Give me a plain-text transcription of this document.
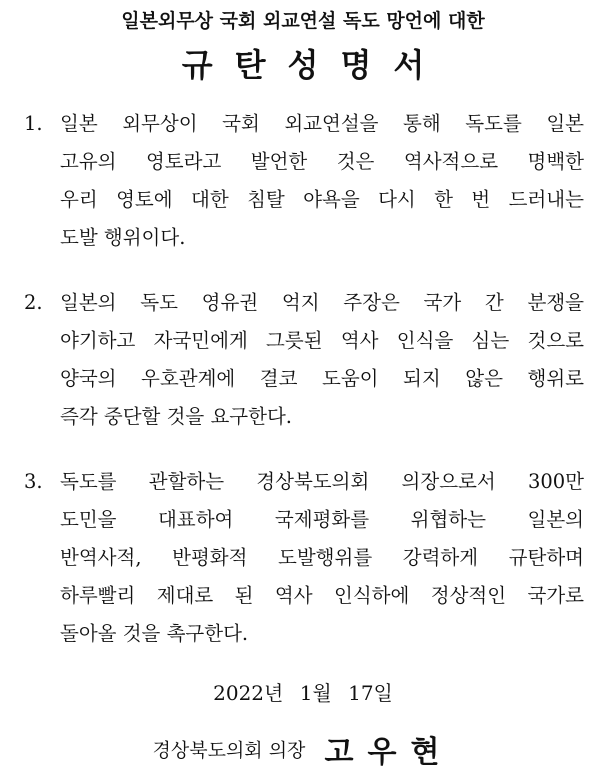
일본외무상 국회 외교연설 독도 망언에 대한
규탄성명서
1. 일본 외무상이 국회 외교연설을 통해 독도를 일본
고유의 영토라고 발언한 것은 역사적으로 명백한
우리 영토에 대한 침탈 야욕을 다시 한 번 드러내는
도발 행위이다.
2. 일본의 독도 영유권 억지 주장은 국가 간 분쟁을
야기하고 자국민에게 그릇된 역사 인식을 심는 것으로
양국의 우호관계에 결코 도움이 되지 않은 행위로
즉각 중단할 것을 요구한다.
3. 독도를 관할하는 경상북도의회 의장으로서 300만
도민을 대표하여 국제평화를 위협하는 일본의
반역사적, 반평화적 도발행위를 강력하게 규탄하며
하루빨리 제대로 된 역사 인식하에 정상적인 국가로
돌아올 것을 촉구한다.
2022년 1월 17일
경상북도의회 의장 고우현
